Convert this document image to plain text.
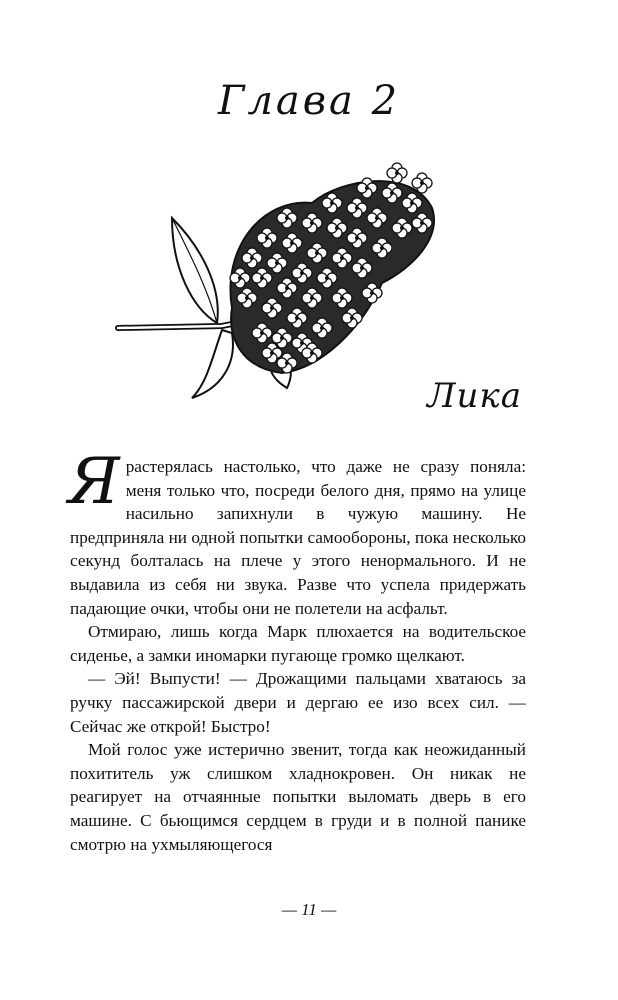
Глава 2
Лика

Ярастерялась настолько, что даже не сразу поняла: меня только что, посреди белого дня, прямо на улице насильно запихнули в чужую машину. Не предприняла ни одной попытки самообороны, пока несколько секунд болталась на плече у этого ненормального. И не выдавила из себя ни звука. Разве что успела придержать падающие очки, чтобы они не полетели на асфальт.

Отмираю, лишь когда Марк плюхается на водительское сиденье, а замки иномарки пугающе громко щелкают.

— Эй! Выпусти! — Дрожащими пальцами хватаюсь за ручку пассажирской двери и дергаю ее изо всех сил. — Сейчас же открой! Быстро!

Мой голос уже истерично звенит, тогда как неожиданный похититель уж слишком хладнокровен. Он никак не реагирует на отчаянные попытки выломать дверь в его машине. С бьющимся сердцем в груди и в полной панике смотрю на ухмыляющегося

— 11 —
